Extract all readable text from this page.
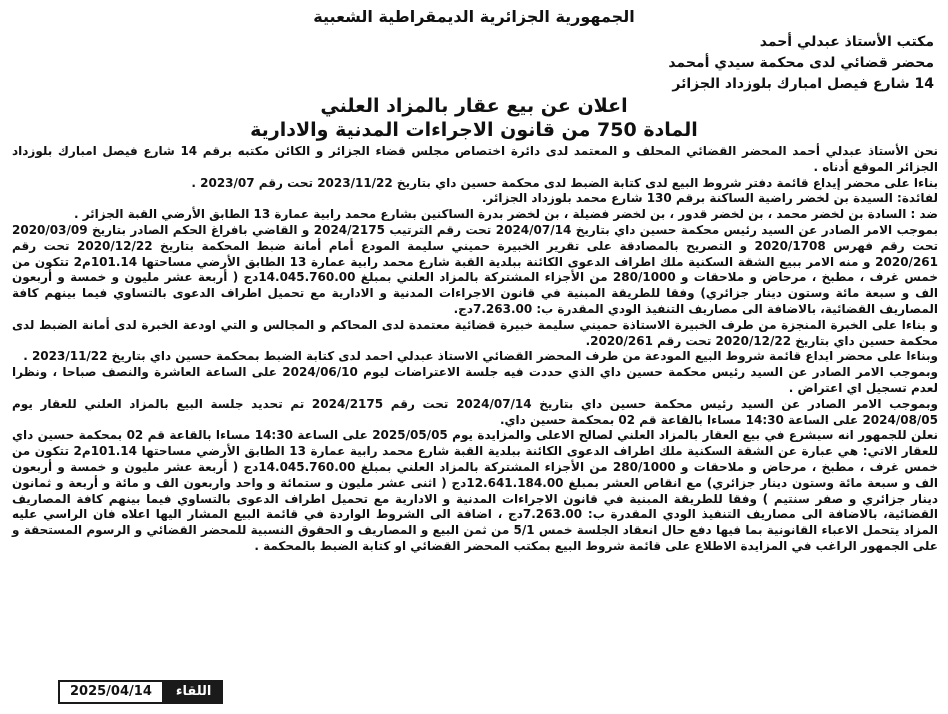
الجمهورية الجزائرية الديمقراطية الشعبية
مكتب الأستاذ عبدلي أحمد
محضر قضائي لدى محكمة سيدي أمحمد
14 شارع فيصل امبارك بلوزداد الجزائر
اعلان عن بيع عقار بالمزاد العلني
المادة 750 من قانون الاجراءات المدنية والادارية

نحن الأستاذ عبدلي أحمد المحضر القضائي المحلف و المعتمد لدى دائرة اختصاص مجلس قضاء الجزائر و الكائن مكتبه برقم 14 شارع فيصل امبارك بلوزداد الجزائر الموقع أدناه .

بناءا على محضر إيداع قائمة دفتر شروط البيع لدى كتابة الضبط لدى محكمة حسين داي بتاريخ 2023/11/22 تحت رقم 2023/07 .

لفائدة: السيدة بن لخضر راضية الساكنة برقم 130 شارع محمد بلوزداد الجزائر.

ضد : السادة بن لخضر محمد ، بن لخضر قدور ، بن لخضر فضيلة ، بن لخضر بدرة الساكنين بشارع محمد رابية عمارة 13 الطابق الأرضي القبة الجزائر .

بموجب الامر الصادر عن السيد رئيس محكمة حسين داي بتاريخ 2024/07/14 تحت رقم الترتيب 2024/2175 و القاضي بافراغ الحكم الصادر بتاريخ 2020/03/09 تحت رقم فهرس 2020/1708 و التصريح بالمصادقة على تقرير الخبيرة حميني سليمة المودع أمام أمانة ضبط المحكمة بتاريخ 2020/12/22 تحت رقم 2020/261 و منه الامر ببيع الشقة السكنية ملك اطراف الدعوى الكائنة ببلدية القبة شارع محمد رابية عمارة 13 الطابق الأرضي مساحتها 101.14م2 تتكون من خمس غرف ، مطبخ ، مرحاض و ملاحقات و 280/1000 من الأجزاء المشتركة بالمزاد العلني بمبلغ 14.045.760.00دج ( أربعة عشر مليون و خمسة و أربعون الف و سبعة مائة وستون دينار جزائري) وفقا للطريقة المبنية في قانون الاجراءات المدنية و الادارية مع تحميل اطراف الدعوى بالتساوي فيما بينهم كافة المصاريف القضائية، بالاضافة الى مصاريف التنفيذ الودي المقدرة ب: 7.263.00دج.

و بناءا على الخبرة المنجزة من طرف الخبيرة الاستاذة حميني سليمة خبيرة قضائية معتمدة لدى المحاكم و المجالس و التي اودعة الخبرة لدى أمانة الضبط لدى محكمة حسين داي بتاريخ 2020/12/22 تحت رقم 2020/261.

وبناءا على محضر ايداع قائمة شروط البيع المودعة من طرف المحضر القضائي الاستاذ عبدلي احمد لدى كتابة الضبط بمحكمة حسين داي بتاريخ 2023/11/22 .

وبموجب الامر الصادر عن السيد رئيس محكمة حسين داي الذي حددت فيه جلسة الاعتراضات ليوم 2024/06/10 على الساعة العاشرة والنصف صباحا ، ونظرا لعدم تسجيل اي اعتراض .

وبموجب الامر الصادر عن السيد رئيس محكمة حسين داي بتاريخ 2024/07/14 تحت رقم 2024/2175 تم تحديد جلسة البيع بالمزاد العلني للعقار يوم 2024/08/05 على الساعة 14:30 مساءا بالقاعة قم 02 بمحكمة حسين داي.

نعلن للجمهور انه سيشرع في بيع العقار بالمزاد العلني لصالح الاعلى والمزايدة يوم 2025/05/05 على الساعة 14:30 مساءا بالقاعة قم 02 بمحكمة حسين داي للعقار الاتي: هي عبارة عن الشقة السكنية ملك اطراف الدعوى الكائنة ببلدية القبة شارع محمد رابية عمارة 13 الطابق الأرضي مساحتها 101.14م2 تتكون من خمس غرف ، مطبخ ، مرحاض و ملاحقات و 280/1000 من الأجزاء المشتركة بالمزاد العلني بمبلغ 14.045.760.00دج ( أربعة عشر مليون و خمسة و أربعون الف و سبعة مائة وستون دينار جزائري) مع انقاص العشر بمبلغ 12.641.184.00دج ( اثنى عشر مليون و ستمائة و واحد واربعون الف و مائة و أربعة و ثمانون دينار جزائري و صفر سنتيم ) وفقا للطريقة المبنية في قانون الاجراءات المدنية و الادارية مع تحميل اطراف الدعوى بالتساوي فيما بينهم كافة المصاريف القضائية، بالاضافة الى مصاريف التنفيذ الودي المقدرة ب: 7.263.00دج ، اضافة الى الشروط الواردة في قائمة البيع المشار اليها اعلاه فان الراسي عليه المزاد يتحمل الاعباء القانونية بما فيها دفع حال انعقاد الجلسة خمس 5/1 من ثمن البيع و المصاريف و الحقوق النسبية للمحضر القضائي و الرسوم المستحقة و على الجمهور الراغب في المزايدة الاطلاع على قائمة شروط البيع بمكتب المحضر القضائي او كتابة الضبط بالمحكمة .

2025/04/14	اللقاء
